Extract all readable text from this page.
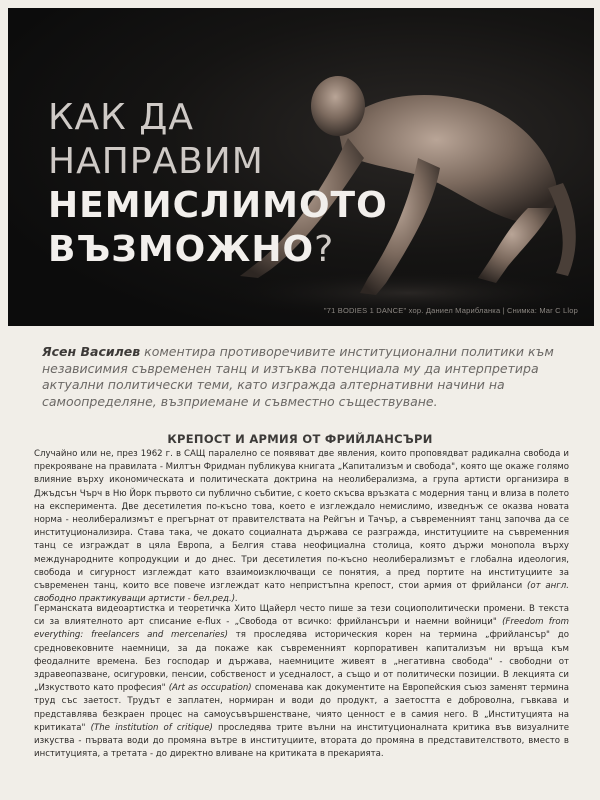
КАК ДА
НАПРАВИМ
НЕМИСЛИМОТО
ВЪЗМОЖНО?
"71 BODIES 1 DANCE" хор. Даниел Марибланка | Снимка: Mar C Llop
Ясен Василев коментира противоречивите институционални политики към независимия съвременен танц и изтъква потенциала му да интерпретира актуални политически теми, като изгражда алтернативни начини на самоопределяне, възприемане и съвместно съществуване.
КРЕПОСТ И АРМИЯ ОТ ФРИЙЛАНСЪРИ
Случайно или не, през 1962 г. в САЩ паралелно се появяват две явления, които проповядват радикална свобода и прекрояване на правилата - Милтън Фридман публикува книгата „Капитализъм и свобода", която ще окаже голямо влияние върху икономическата и политическата доктрина на неолиберализма, а група артисти организира в Джъдсън Чърч в Ню Йорк първото си публично събитие, с което скъсва връзката с модерния танц и влиза в полето на експеримента. Две десетилетия по-късно това, което е изглеждало немислимо, изведнъж се оказва новата норма - неолиберализмът е прегърнат от правителствата на Рейгън и Тачър, а съвременният танц започва да се институционализира. Става така, че докато социалната държава се разгражда, институциите на съвременния танц се изграждат в цяла Европа, а Белгия става неофициална столица, която държи монопола върху международните копродукции и до днес. Три десетилетия по-късно неолиберализмът е глобална идеология, свобода и сигурност изглеждат като взаимоизключващи се понятия, а пред портите на институциите за съвременен танц, които все повече изглеждат като непристъпна крепост, стои армия от фрийланси (от англ. свободно практикуващи артисти - бел.ред.).
Германската видеоартистка и теоретичка Хито Щайерл често пише за тези социополитически промени. В текста си за влиятелното арт списание e-flux - „Свобода от всичко: фрийлансъри и наемни войници" (Freedom from everything: freelancers and mercenaries) тя проследява историческия корен на термина „фрийлансър" до средновековните наемници, за да покаже как съвременният корпоративен капитализъм ни връща към феодалните времена. Без господар и държава, наемниците живеят в „негативна свобода" - свободни от здравеопазване, осигуровки, пенсии, собственост и уседналост, а също и от политически позиции. В лекцията си „Изкуството като професия" (Art as occupation) споменава как документите на Европейския съюз заменят термина труд със заетост. Трудът е заплатен, нормиран и води до продукт, а заетостта е доброволна, гъвкава и представлява безкраен процес на самоусъвършенстване, чиято ценност е в самия него. В „Институцията на критиката" (The institution of critique) проследява трите вълни на институционалната критика във визуалните изкуства - първата води до промяна вътре в институциите, втората до промяна в представителството, вместо в институцията, а третата - до директно вливане на критиката в прекарията.
